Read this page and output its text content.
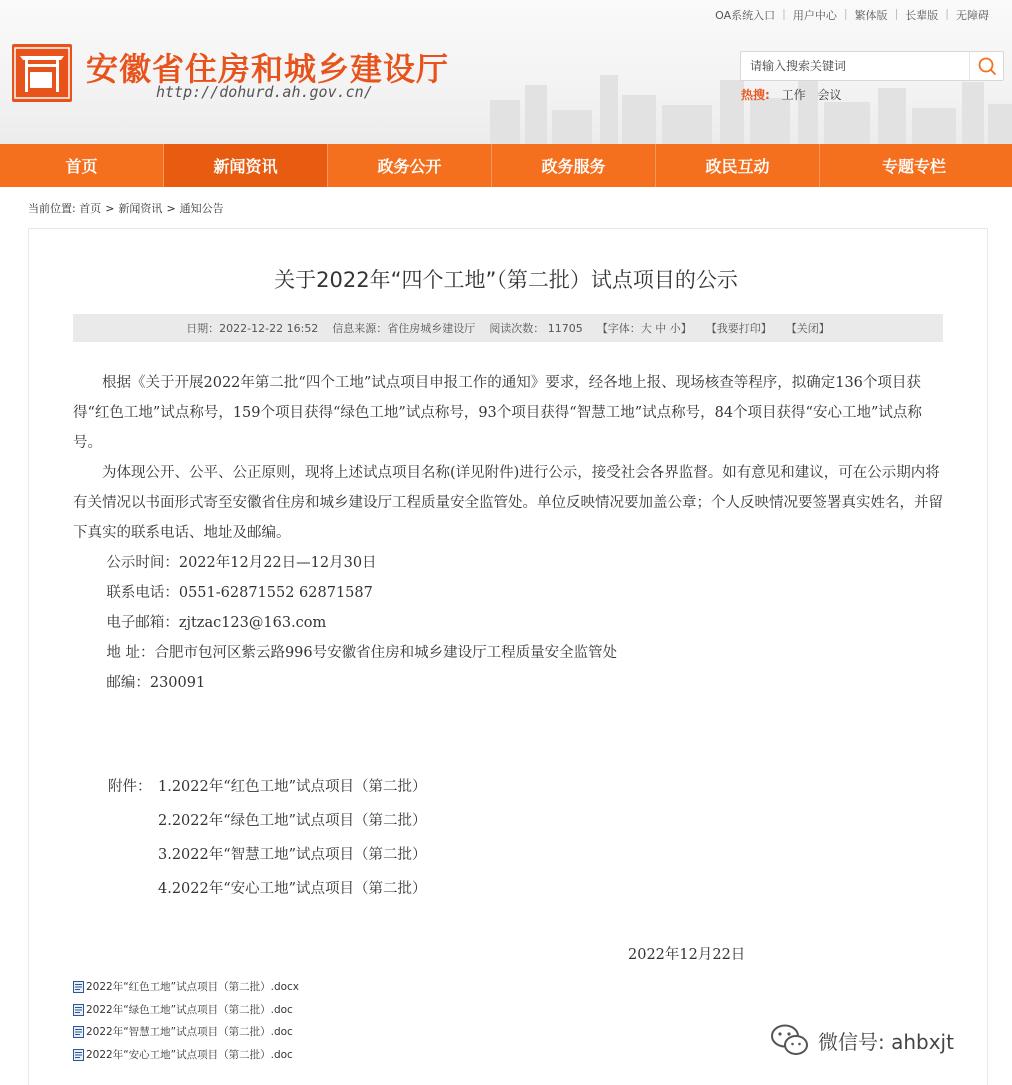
OA系统入口 | 用户中心 | 繁体版 | 长辈版 | 无障碍
安徽省住房和城乡建设厅
http://dohurd.ah.gov.cn/
请输入搜索关键词	热搜: 工作 会议
首页	新闻资讯	政务公开	政务服务	政民互动	专题专栏
当前位置: 首页 > 新闻资讯 > 通知公告
关于2022年“四个工地”（第二批）试点项目的公示
日期：2022-12-22 16:52 信息来源：省住房城乡建设厅 阅读次数： 11705 【字体：大 中 小】 【我要打印】 【关闭】

根据《关于开展2022年第二批“四个工地”试点项目申报工作的通知》要求，经各地上报、现场核查等程序，拟确定136个项目获得“红色工地”试点称号，159个项目获得“绿色工地”试点称号，93个项目获得“智慧工地”试点称号，84个项目获得“安心工地”试点称号。

为体现公开、公平、公正原则，现将上述试点项目名称(详见附件)进行公示，接受社会各界监督。如有意见和建议，可在公示期内将有关情况以书面形式寄至安徽省住房和城乡建设厅工程质量安全监管处。单位反映情况要加盖公章；个人反映情况要签署真实姓名，并留下真实的联系电话、地址及邮编。

公示时间：2022年12月22日—12月30日
联系电话：0551-62871552 62871587
电子邮箱：zjtzac123@163.com
地 址：合肥市包河区紫云路996号安徽省住房和城乡建设厅工程质量安全监管处
邮编：230091
附件： 1.2022年“红色工地”试点项目（第二批）
2.2022年“绿色工地”试点项目（第二批）
3.2022年“智慧工地”试点项目（第二批）
4.2022年“安心工地”试点项目（第二批）
2022年12月22日
2022年“红色工地”试点项目（第二批）.docx
2022年“绿色工地”试点项目（第二批）.doc
2022年“智慧工地”试点项目（第二批）.doc
2022年“安心工地”试点项目（第二批）.doc
微信号: ahbxjt
